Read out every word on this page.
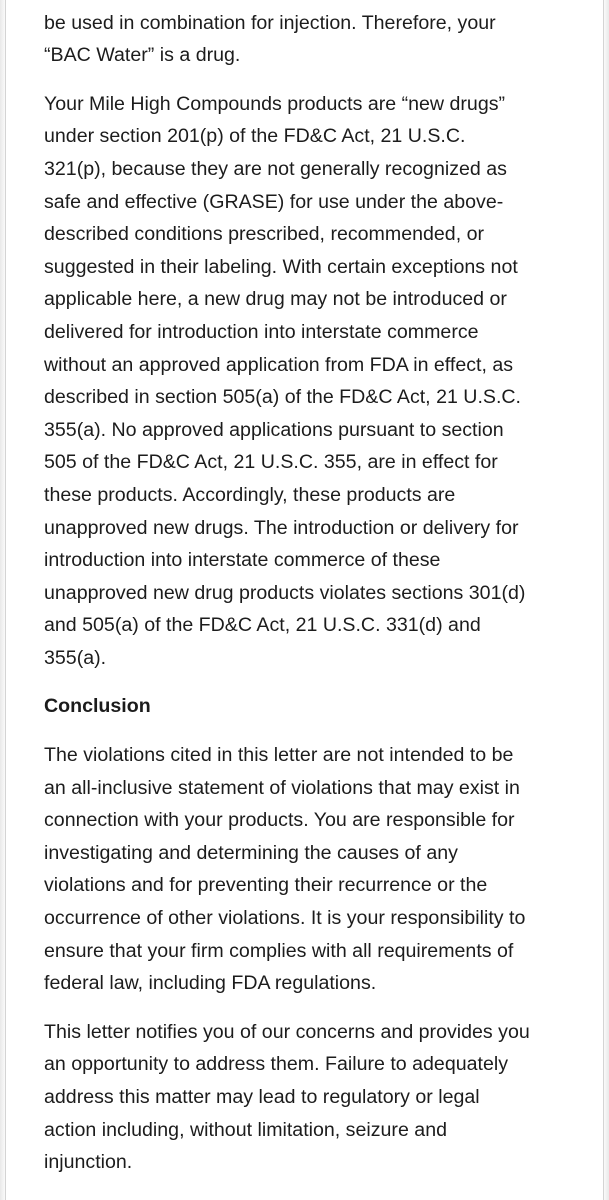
be used in combination for injection. Therefore, your
“BAC Water” is a drug.

Your Mile High Compounds products are “new drugs”
under section 201(p) of the FD&C Act, 21 U.S.C.
321(p), because they are not generally recognized as
safe and effective (GRASE) for use under the above-
described conditions prescribed, recommended, or
suggested in their labeling. With certain exceptions not
applicable here, a new drug may not be introduced or
delivered for introduction into interstate commerce
without an approved application from FDA in effect, as
described in section 505(a) of the FD&C Act, 21 U.S.C.
355(a). No approved applications pursuant to section
505 of the FD&C Act, 21 U.S.C. 355, are in effect for
these products. Accordingly, these products are
unapproved new drugs. The introduction or delivery for
introduction into interstate commerce of these
unapproved new drug products violates sections 301(d)
and 505(a) of the FD&C Act, 21 U.S.C. 331(d) and
355(a).

Conclusion

The violations cited in this letter are not intended to be
an all-inclusive statement of violations that may exist in
connection with your products. You are responsible for
investigating and determining the causes of any
violations and for preventing their recurrence or the
occurrence of other violations. It is your responsibility to
ensure that your firm complies with all requirements of
federal law, including FDA regulations.

This letter notifies you of our concerns and provides you
an opportunity to address them. Failure to adequately
address this matter may lead to regulatory or legal
action including, without limitation, seizure and
injunction.
